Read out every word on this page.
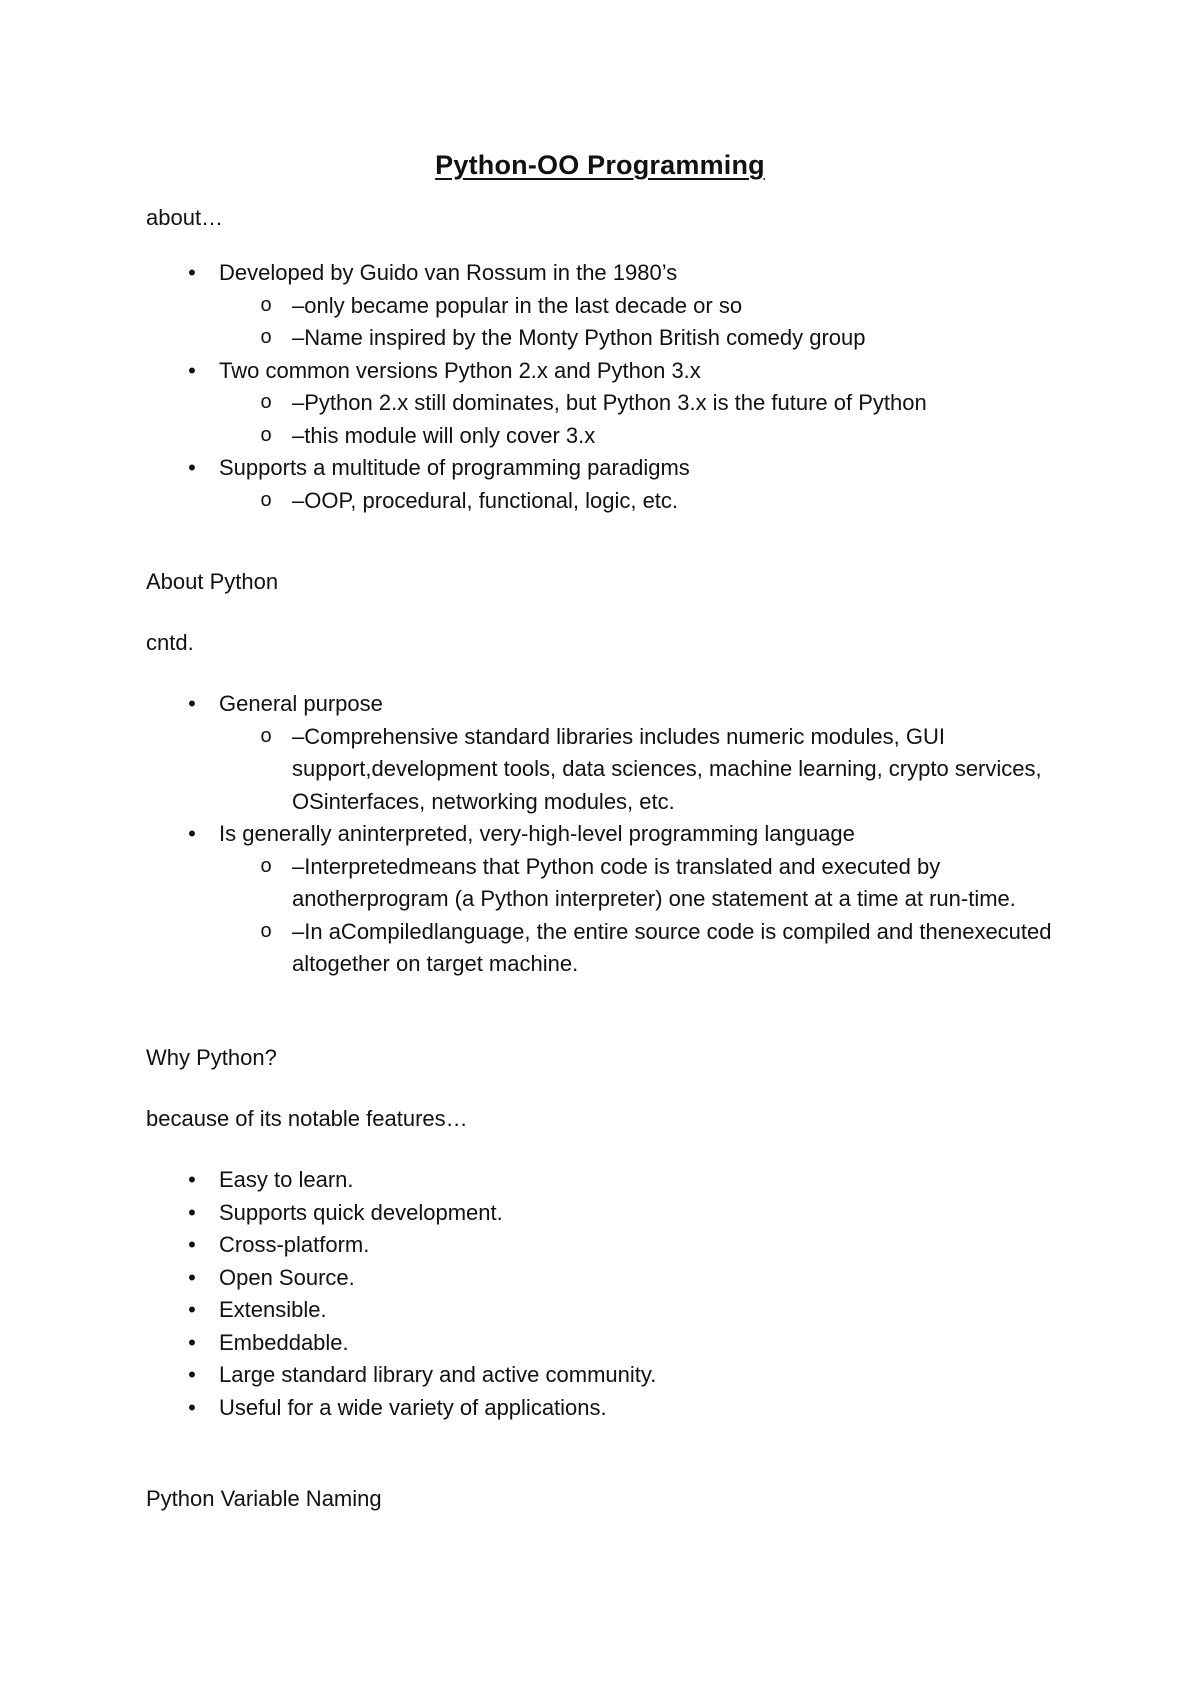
Python-OO Programming
about…
• Developed by Guido van Rossum in the 1980’s
o –only became popular in the last decade or so
o –Name inspired by the Monty Python British comedy group
• Two common versions Python 2.x and Python 3.x
o –Python 2.x still dominates, but Python 3.x is the future of Python
o –this module will only cover 3.x
• Supports a multitude of programming paradigms
o –OOP, procedural, functional, logic, etc.
About Python
cntd.
• General purpose
o –Comprehensive standard libraries includes numeric modules, GUI support,development tools, data sciences, machine learning, crypto services, OSinterfaces, networking modules, etc.
• Is generally aninterpreted, very-high-level programming language
o –Interpretedmeans that Python code is translated and executed by anotherprogram (a Python interpreter) one statement at a time at run-time.
o –In aCompiledlanguage, the entire source code is compiled and thenexecuted altogether on target machine.
Why Python?
because of its notable features…
• Easy to learn.
• Supports quick development.
• Cross-platform.
• Open Source.
• Extensible.
• Embeddable.
• Large standard library and active community.
• Useful for a wide variety of applications.
Python Variable Naming
